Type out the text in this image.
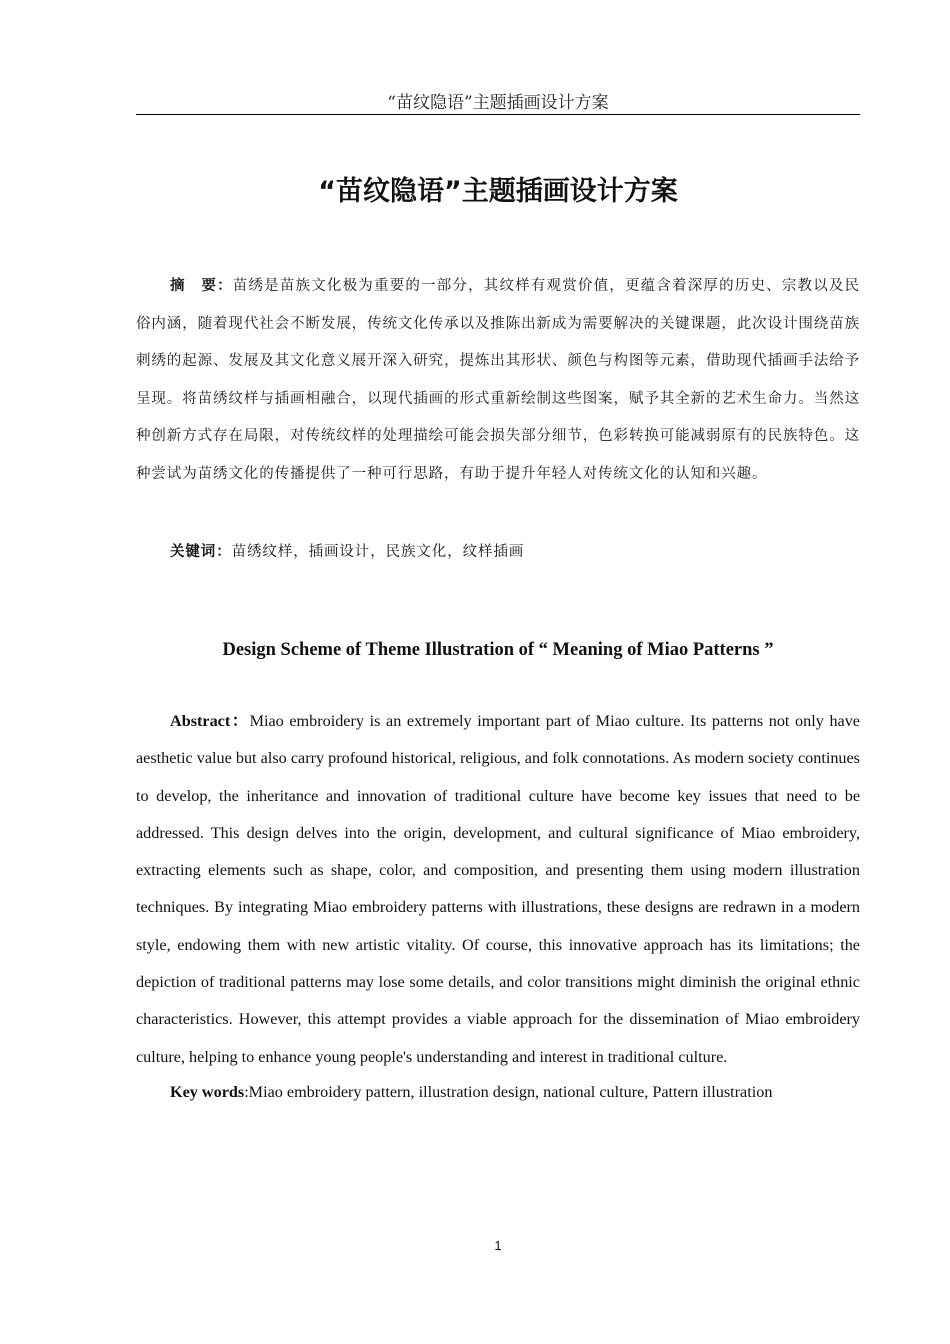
“苗纹隐语”主题插画设计方案
“苗纹隐语”主题插画设计方案

摘　要：苗绣是苗族文化极为重要的一部分，其纹样有观赏价值，更蕴含着深厚的历史、宗教以及民俗内涵，随着现代社会不断发展，传统文化传承以及推陈出新成为需要解决的关键课题，此次设计围绕苗族刺绣的起源、发展及其文化意义展开深入研究，提炼出其形状、颜色与构图等元素，借助现代插画手法给予呈现。将苗绣纹样与插画相融合，以现代插画的形式重新绘制这些图案，赋予其全新的艺术生命力。当然这种创新方式存在局限，对传统纹样的处理描绘可能会损失部分细节，色彩转换可能减弱原有的民族特色。这种尝试为苗绣文化的传播提供了一种可行思路，有助于提升年轻人对传统文化的认知和兴趣。

关键词：苗绣纹样，插画设计，民族文化，纹样插画

Design Scheme of Theme Illustration of “ Meaning of Miao Patterns ”

Abstract：Miao embroidery is an extremely important part of Miao culture. Its patterns not only have aesthetic value but also carry profound historical, religious, and folk connotations. As modern society continues to develop, the inheritance and innovation of traditional culture have become key issues that need to be addressed. This design delves into the origin, development, and cultural significance of Miao embroidery, extracting elements such as shape, color, and composition, and presenting them using modern illustration techniques. By integrating Miao embroidery patterns with illustrations, these designs are redrawn in a modern style, endowing them with new artistic vitality. Of course, this innovative approach has its limitations; the depiction of traditional patterns may lose some details, and color transitions might diminish the original ethnic characteristics. However, this attempt provides a viable approach for the dissemination of Miao embroidery culture, helping to enhance young people's understanding and interest in traditional culture.

Key words:Miao embroidery pattern, illustration design, national culture, Pattern illustration

1
